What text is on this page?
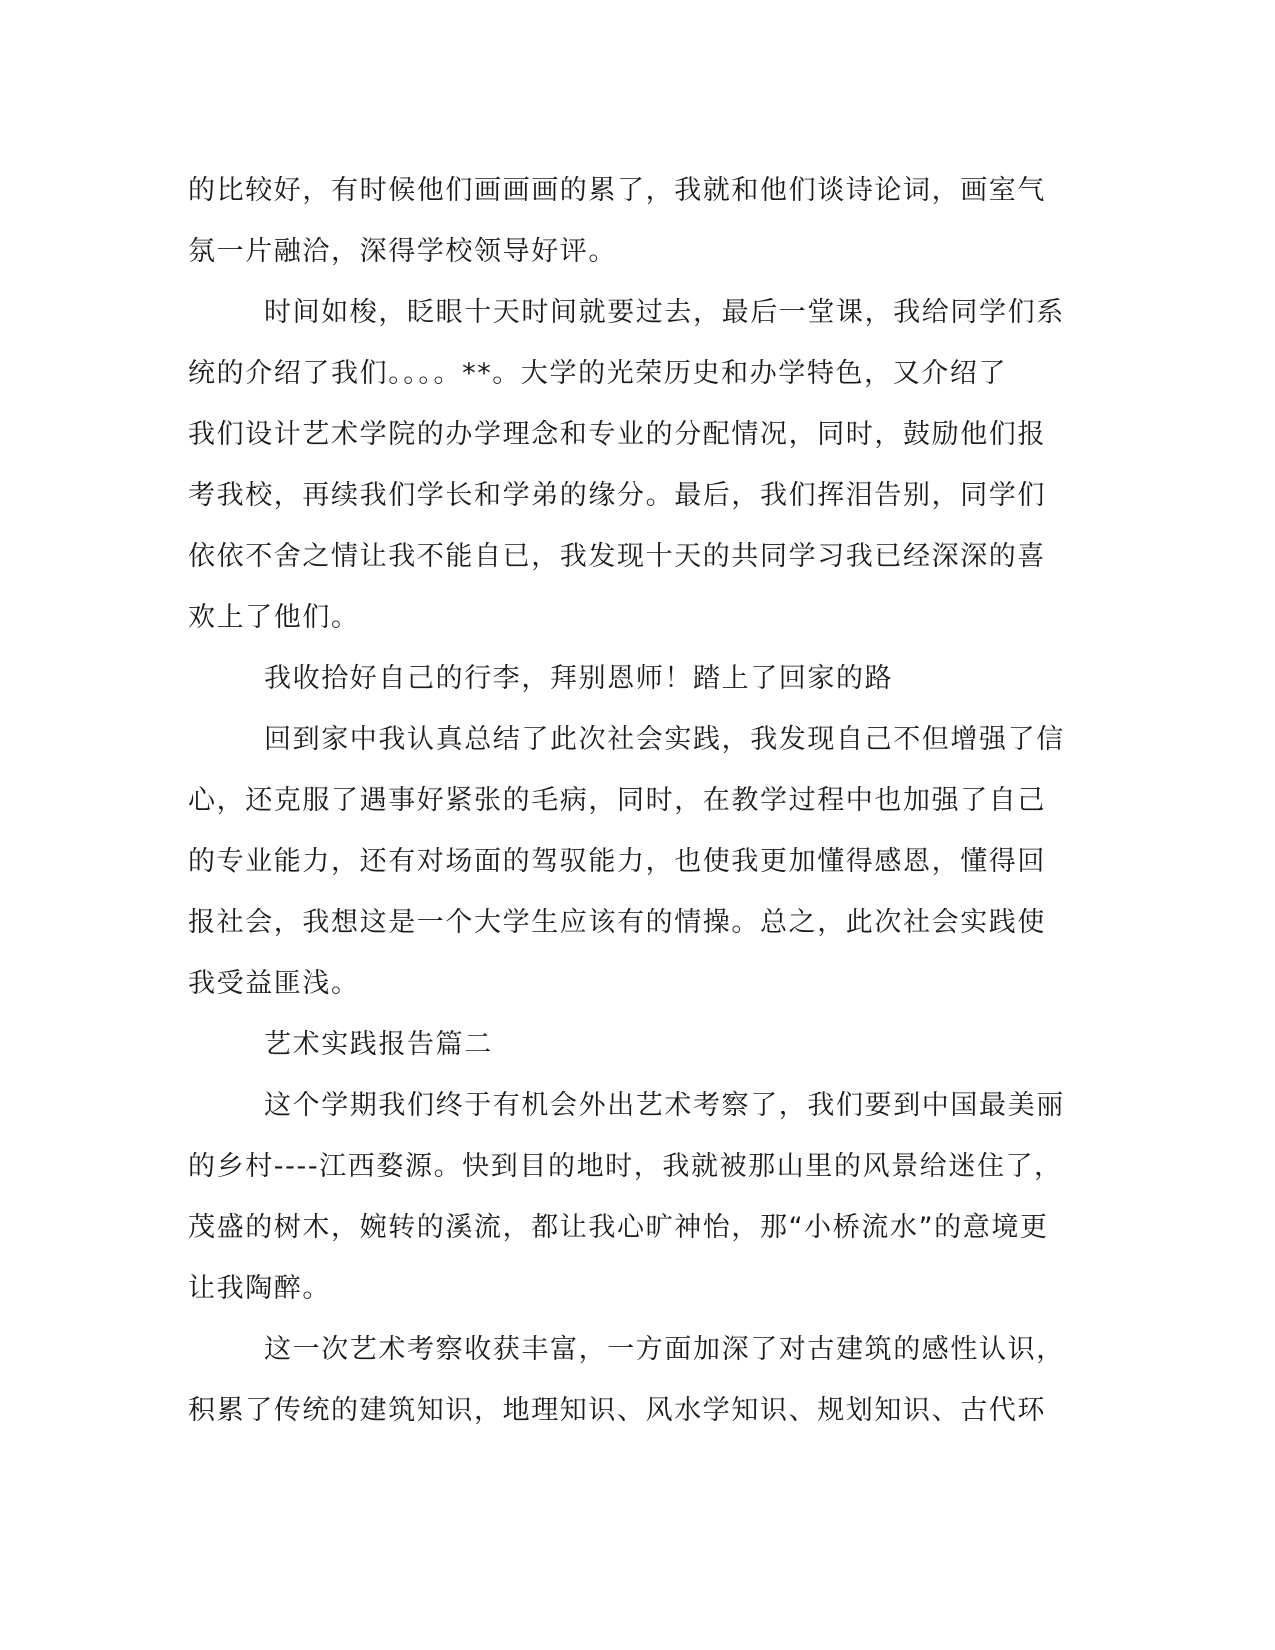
的比较好，有时候他们画画画的累了，我就和他们谈诗论词，画室气
氛一片融洽，深得学校领导好评。
时间如梭，眨眼十天时间就要过去，最后一堂课，我给同学们系
统的介绍了我们。。。。**。大学的光荣历史和办学特色，又介绍了
我们设计艺术学院的办学理念和专业的分配情况，同时，鼓励他们报
考我校，再续我们学长和学弟的缘分。最后，我们挥泪告别，同学们
依依不舍之情让我不能自已，我发现十天的共同学习我已经深深的喜
欢上了他们。
我收拾好自己的行李，拜别恩师！踏上了回家的路
回到家中我认真总结了此次社会实践，我发现自己不但增强了信
心，还克服了遇事好紧张的毛病，同时，在教学过程中也加强了自己
的专业能力，还有对场面的驾驭能力，也使我更加懂得感恩，懂得回
报社会，我想这是一个大学生应该有的情操。总之，此次社会实践使
我受益匪浅。
艺术实践报告篇二
这个学期我们终于有机会外出艺术考察了，我们要到中国最美丽
的乡村----江西婺源。快到目的地时，我就被那山里的风景给迷住了，
茂盛的树木，婉转的溪流，都让我心旷神怡，那“小桥流水”的意境更
让我陶醉。
这一次艺术考察收获丰富，一方面加深了对古建筑的感性认识，
积累了传统的建筑知识，地理知识、风水学知识、规划知识、古代环
